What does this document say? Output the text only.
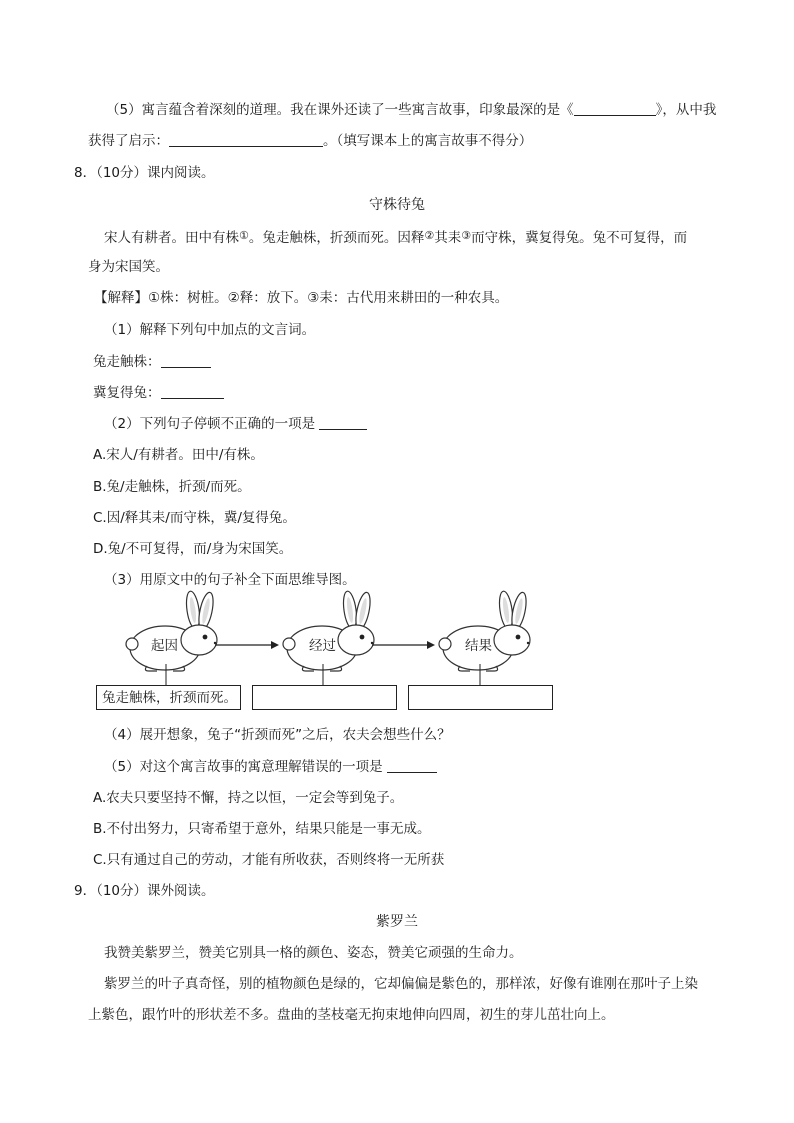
（5）寓言蕴含着深刻的道理。我在课外还读了一些寓言故事，印象最深的是《	》，从中我
获得了启示：	。（填写课本上的寓言故事不得分）
8．（10分）课内阅读。
守株待兔
宋人有耕者。田中有株①。兔走触株，折颈而死。因释②其耒③而守株，冀复得兔。兔不可复得，而
身为宋国笑。
【解释】①株：树桩。②释：放下。③耒：古代用来耕田的一种农具。
（1）解释下列句中加点的文言词。
兔走触株：
冀复得兔：
（2）下列句子停顿不正确的一项是
A.宋人/有耕者。田中/有株。
B.兔/走触株，折颈/而死。
C.因/释其耒/而守株，冀/复得兔。
D.兔/不可复得，而/身为宋国笑。
（3）用原文中的句子补全下面思维导图。
起因	经过	结果
兔走触株，折颈而死。
（4）展开想象，兔子“折颈而死”之后，农夫会想些什么？
（5）对这个寓言故事的寓意理解错误的一项是
A.农夫只要坚持不懈，持之以恒，一定会等到兔子。
B.不付出努力，只寄希望于意外，结果只能是一事无成。
C.只有通过自己的劳动，才能有所收获，否则终将一无所获
9．（10分）课外阅读。
紫罗兰
我赞美紫罗兰，赞美它别具一格的颜色、姿态，赞美它顽强的生命力。
紫罗兰的叶子真奇怪，别的植物颜色是绿的，它却偏偏是紫色的，那样浓，好像有谁刚在那叶子上染
上紫色，跟竹叶的形状差不多。盘曲的茎枝毫无拘束地伸向四周，初生的芽儿茁壮向上。
